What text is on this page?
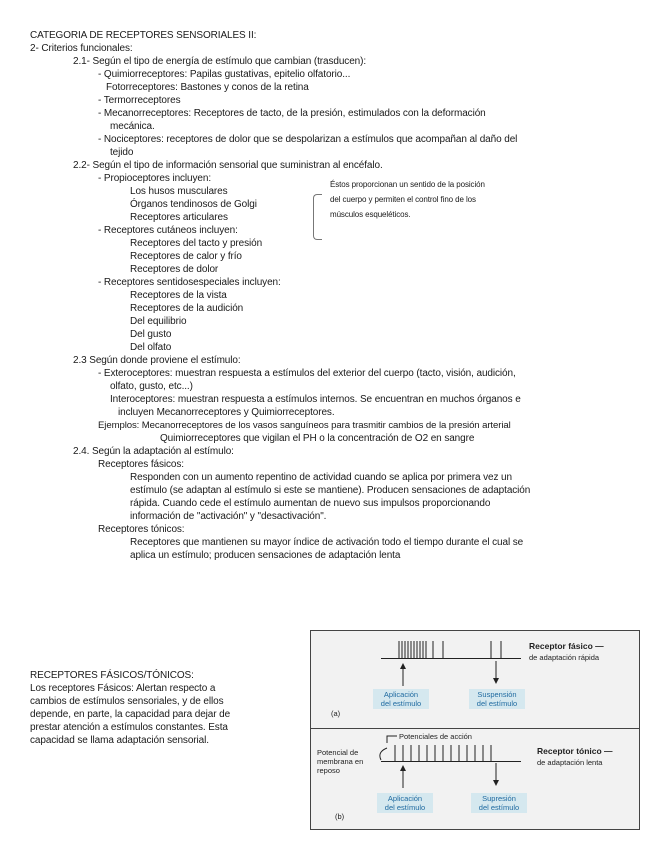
CATEGORIA DE RECEPTORES SENSORIALES II:
2- Criterios funcionales:
2.1- Según el tipo de energía de estímulo que cambian (trasducen):
- Quimiorreceptores: Papilas gustativas, epitelio olfatorio...
Fotorreceptores: Bastones y conos de la retina
- Termorreceptores
- Mecanorreceptores: Receptores de tacto, de la presión, estimulados con la deformación
mecánica.
- Nociceptores: receptores de dolor que se despolarizan a estímulos que acompañan al daño del
tejido
2.2- Según el tipo de información sensorial que suministran al encéfalo.
- Propioceptores incluyen:
Los husos musculares
Órganos tendinosos de Golgi
Receptores articulares
Éstos proporcionan un sentido de la posición
del cuerpo y permiten el control fino de los
músculos esqueléticos.
- Receptores cutáneos incluyen:
Receptores del tacto y presión
Receptores de calor y frío
Receptores de dolor
- Receptores sentidosespeciales incluyen:
Receptores de la vista
Receptores de la audición
Del equilibrio
Del gusto
Del olfato
2.3 Según donde proviene el estímulo:
- Exteroceptores: muestran respuesta a estímulos del exterior del cuerpo (tacto, visión, audición,
olfato, gusto, etc...)
Interoceptores: muestran respuesta a estímulos internos. Se encuentran en muchos órganos e
incluyen Mecanorreceptores y Quimiorreceptores.
Ejemplos: Mecanorreceptores de los vasos sanguíneos para trasmitir cambios de la presión arterial
Quimiorreceptores que vigilan el PH o la concentración de O2 en sangre
2.4. Según la adaptación al estímulo:
Receptores fásicos:
Responden con un aumento repentino de actividad cuando se aplica por primera vez un
estímulo (se adaptan al estímulo si este se mantiene). Producen sensaciones de adaptación
rápida. Cuando cede el estímulo aumentan de nuevo sus impulsos proporcionando
información de "activación" y "desactivación".
Receptores tónicos:
Receptores que mantienen su mayor índice de activación todo el tiempo durante el cual se
aplica un estímulo; producen sensaciones de adaptación lenta
RECEPTORES FÁSICOS/TÓNICOS:
Los receptores Fásicos: Alertan respecto a
cambios de estímulos sensoriales, y de ellos
depende, en parte, la capacidad para dejar de
prestar atención a estímulos constantes. Esta
capacidad se llama adaptación sensorial.
Receptor fásico —
de adaptación rápida
Aplicación
del estímulo
Suspensión
del estímulo
(a)
Potenciales de acción
Potencial de
membrana en
reposo
Receptor tónico —
de adaptación lenta
Aplicación
del estímulo
Supresión
del estímulo
(b)
